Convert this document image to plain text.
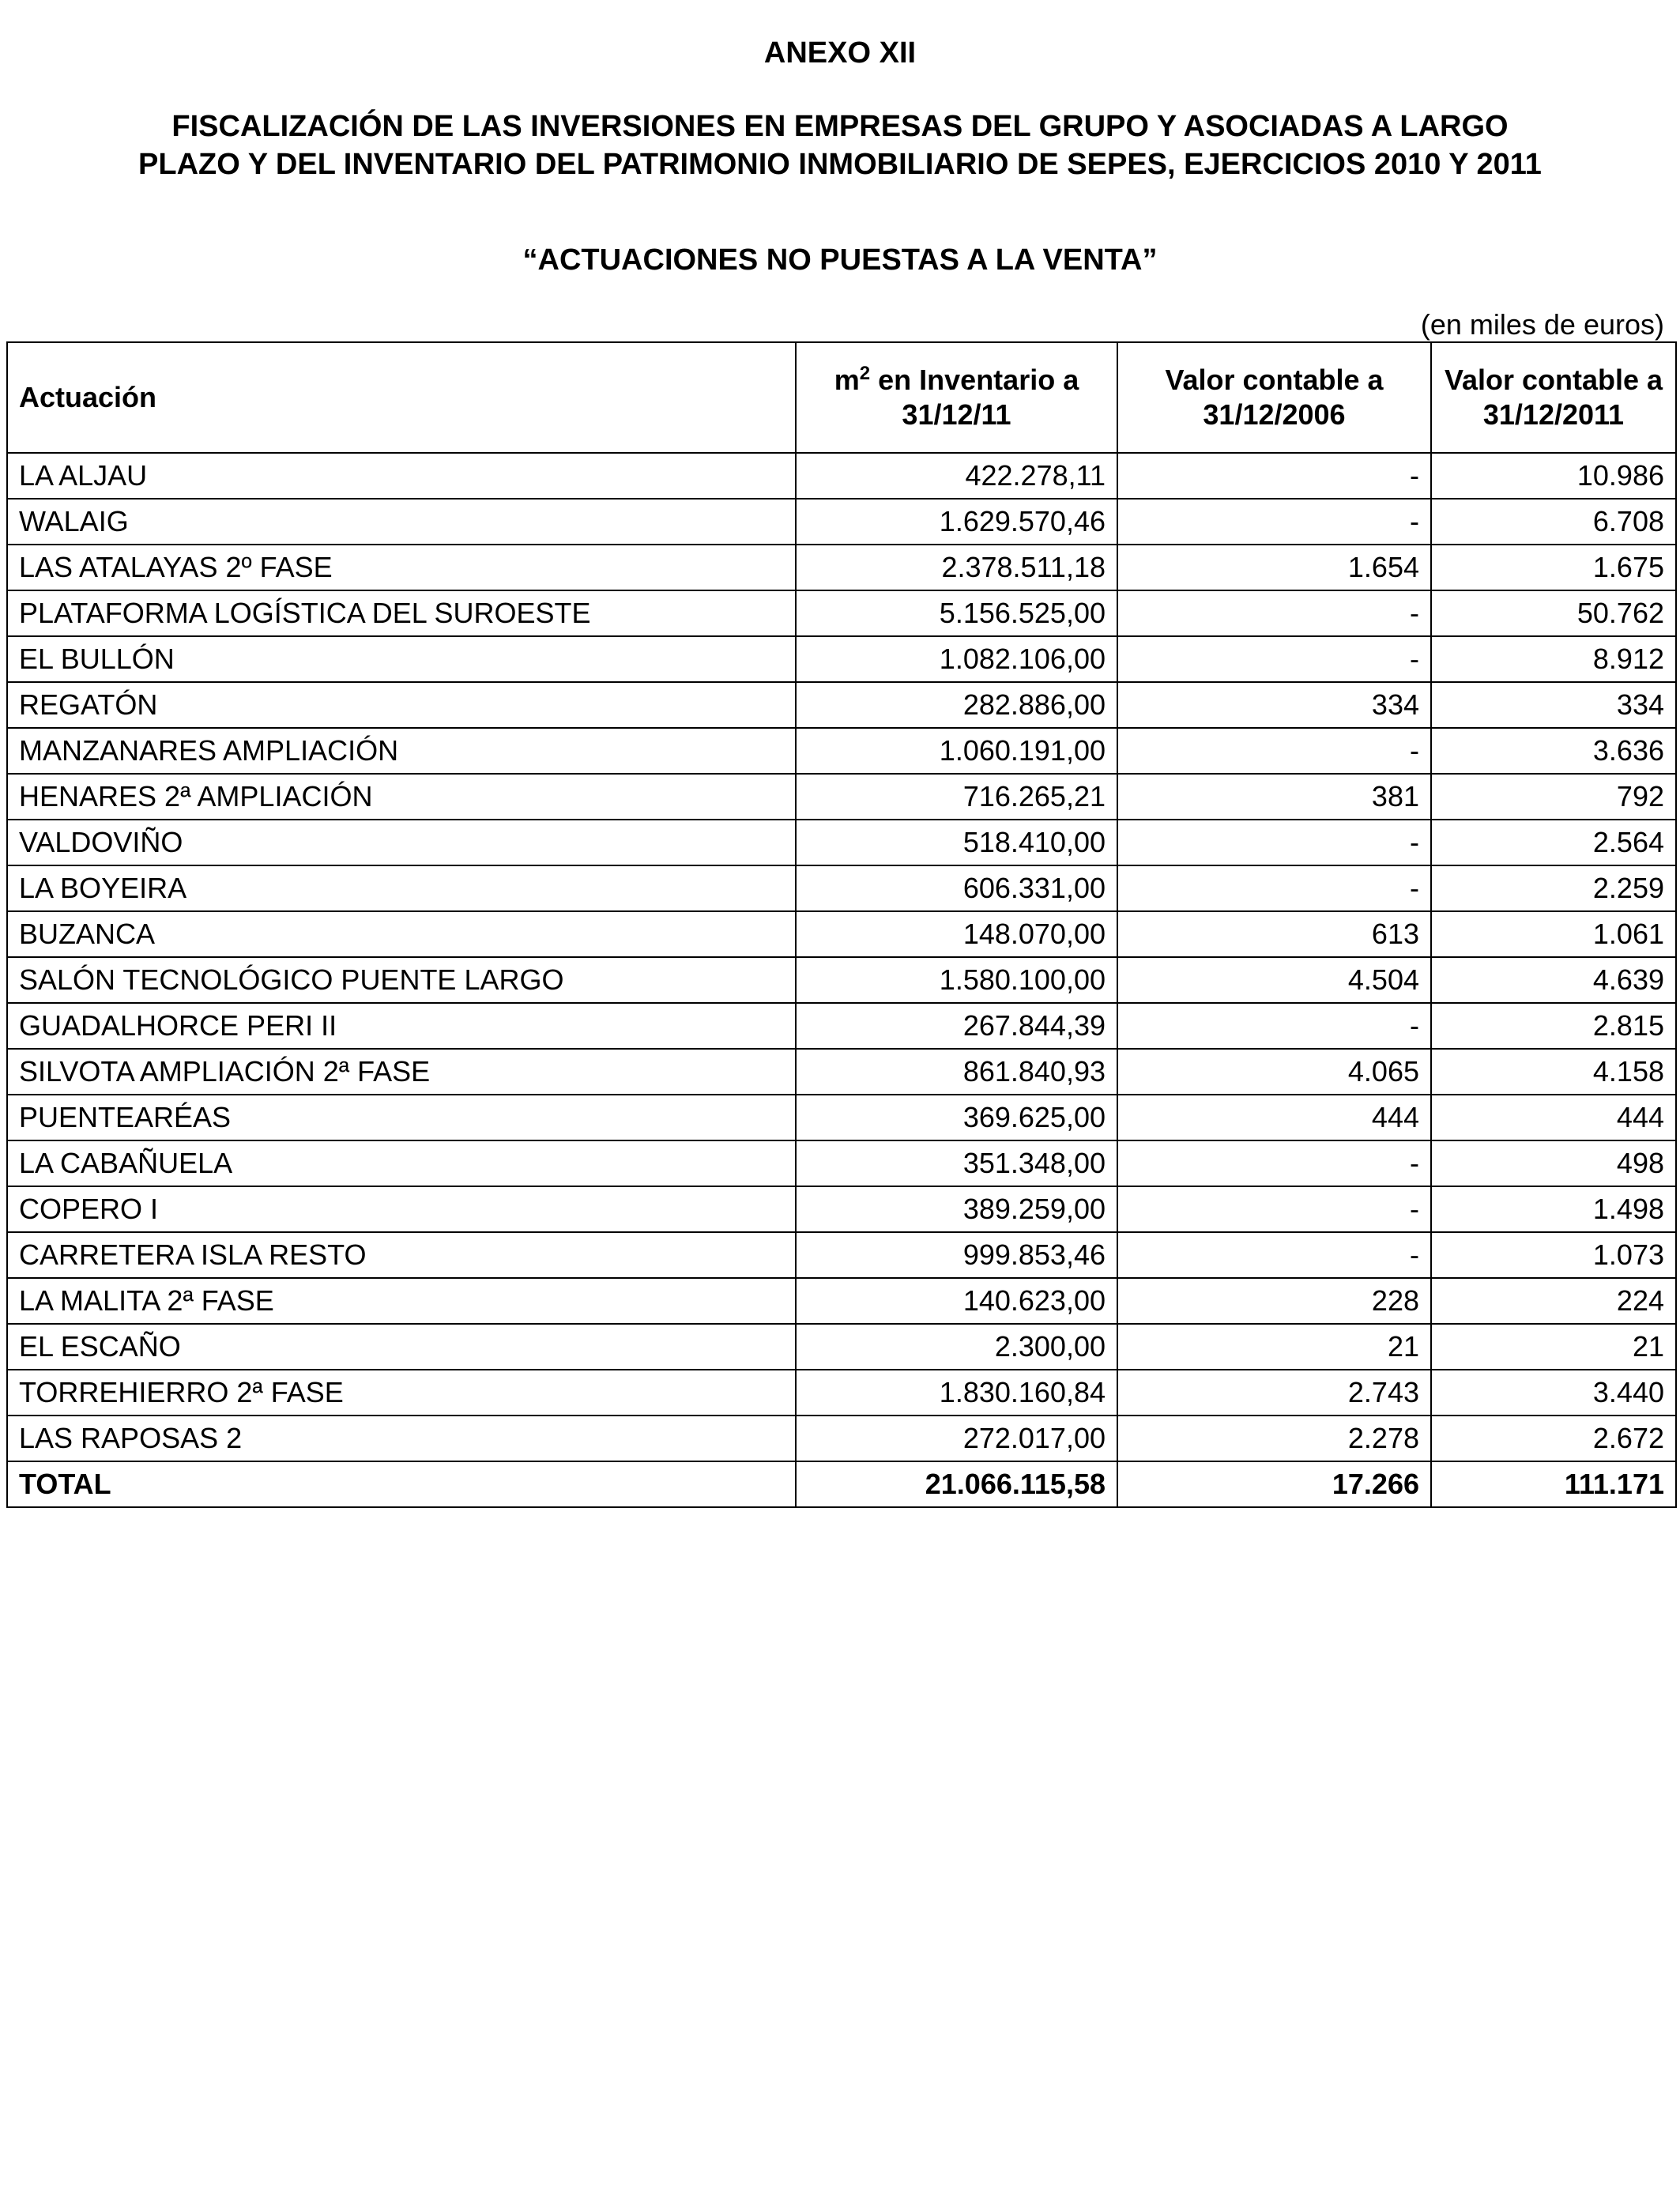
ANEXO XII
FISCALIZACIÓN DE LAS INVERSIONES EN EMPRESAS DEL GRUPO Y ASOCIADAS A LARGO
PLAZO Y DEL INVENTARIO DEL PATRIMONIO INMOBILIARIO DE SEPES, EJERCICIOS 2010 Y 2011
“ACTUACIONES NO PUESTAS A LA VENTA”
(en miles de euros)
Actuación	$m^2$ en Inventario a 31/12/11	Valor contable a 31/12/2006	Valor contable a 31/12/2011
LA ALJAU	422.278,11	-	10.986
WALAIG	1.629.570,46	-	6.708
LAS ATALAYAS 2º FASE	2.378.511,18	1.654	1.675
PLATAFORMA LOGÍSTICA DEL SUROESTE	5.156.525,00	-	50.762
EL BULLÓN	1.082.106,00	-	8.912
REGATÓN	282.886,00	334	334
MANZANARES AMPLIACIÓN	1.060.191,00	-	3.636
HENARES 2ª AMPLIACIÓN	716.265,21	381	792
VALDOVIÑO	518.410,00	-	2.564
LA BOYEIRA	606.331,00	-	2.259
BUZANCA	148.070,00	613	1.061
SALÓN TECNOLÓGICO PUENTE LARGO	1.580.100,00	4.504	4.639
GUADALHORCE PERI II	267.844,39	-	2.815
SILVOTA AMPLIACIÓN 2ª FASE	861.840,93	4.065	4.158
PUENTEARÉAS	369.625,00	444	444
LA CABAÑUELA	351.348,00	-	498
COPERO I	389.259,00	-	1.498
CARRETERA ISLA RESTO	999.853,46	-	1.073
LA MALITA 2ª FASE	140.623,00	228	224
EL ESCAÑO	2.300,00	21	21
TORREHIERRO 2ª FASE	1.830.160,84	2.743	3.440
LAS RAPOSAS 2	272.017,00	2.278	2.672
TOTAL	21.066.115,58	17.266	111.171
